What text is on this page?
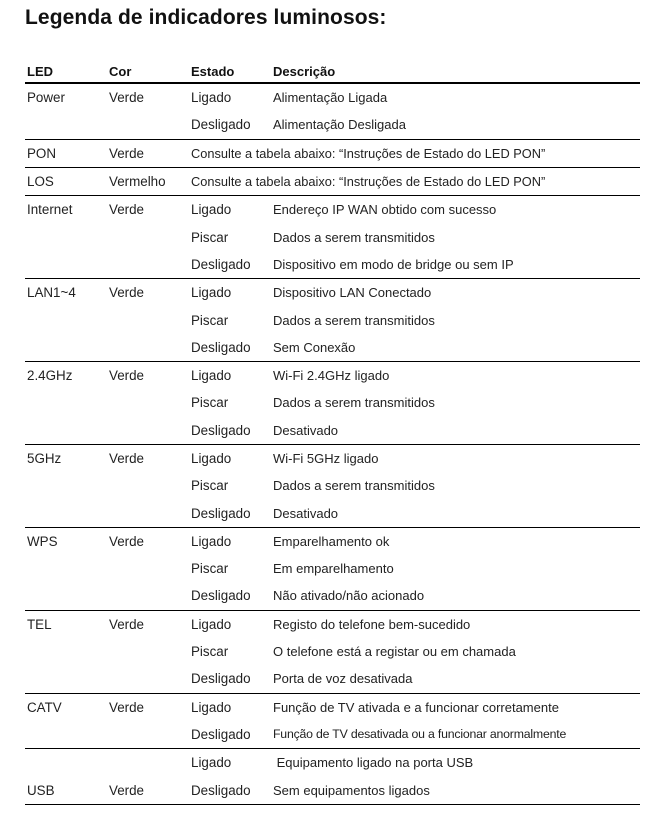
Legenda de indicadores luminosos:
LED	Cor	Estado	Descrição
Power	Verde	Ligado	Alimentação Ligada
		Desligado	Alimentação Desligada
PON	Verde	Consulte a tabela abaixo: “Instruções de Estado do LED PON”	
LOS	Vermelho	Consulte a tabela abaixo: “Instruções de Estado do LED PON”	
Internet	Verde	Ligado	Endereço IP WAN obtido com sucesso
		Piscar	Dados a serem transmitidos
		Desligado	Dispositivo em modo de bridge ou sem IP
LAN1~4	Verde	Ligado	Dispositivo LAN Conectado
		Piscar	Dados a serem transmitidos
		Desligado	Sem Conexão
2.4GHz	Verde	Ligado	Wi-Fi 2.4GHz ligado
		Piscar	Dados a serem transmitidos
		Desligado	Desativado
5GHz	Verde	Ligado	Wi-Fi 5GHz ligado
		Piscar	Dados a serem transmitidos
		Desligado	Desativado
WPS	Verde	Ligado	Emparelhamento ok
		Piscar	Em emparelhamento
		Desligado	Não ativado/não acionado
TEL	Verde	Ligado	Registo do telefone bem-sucedido
		Piscar	O telefone está a registar ou em chamada
		Desligado	Porta de voz desativada
CATV	Verde	Ligado	Função de TV ativada e a funcionar corretamente
		Desligado	Função de TV desativada ou a funcionar anormalmente
		Ligado	Equipamento ligado na porta USB
USB	Verde	Desligado	Sem equipamentos ligados
